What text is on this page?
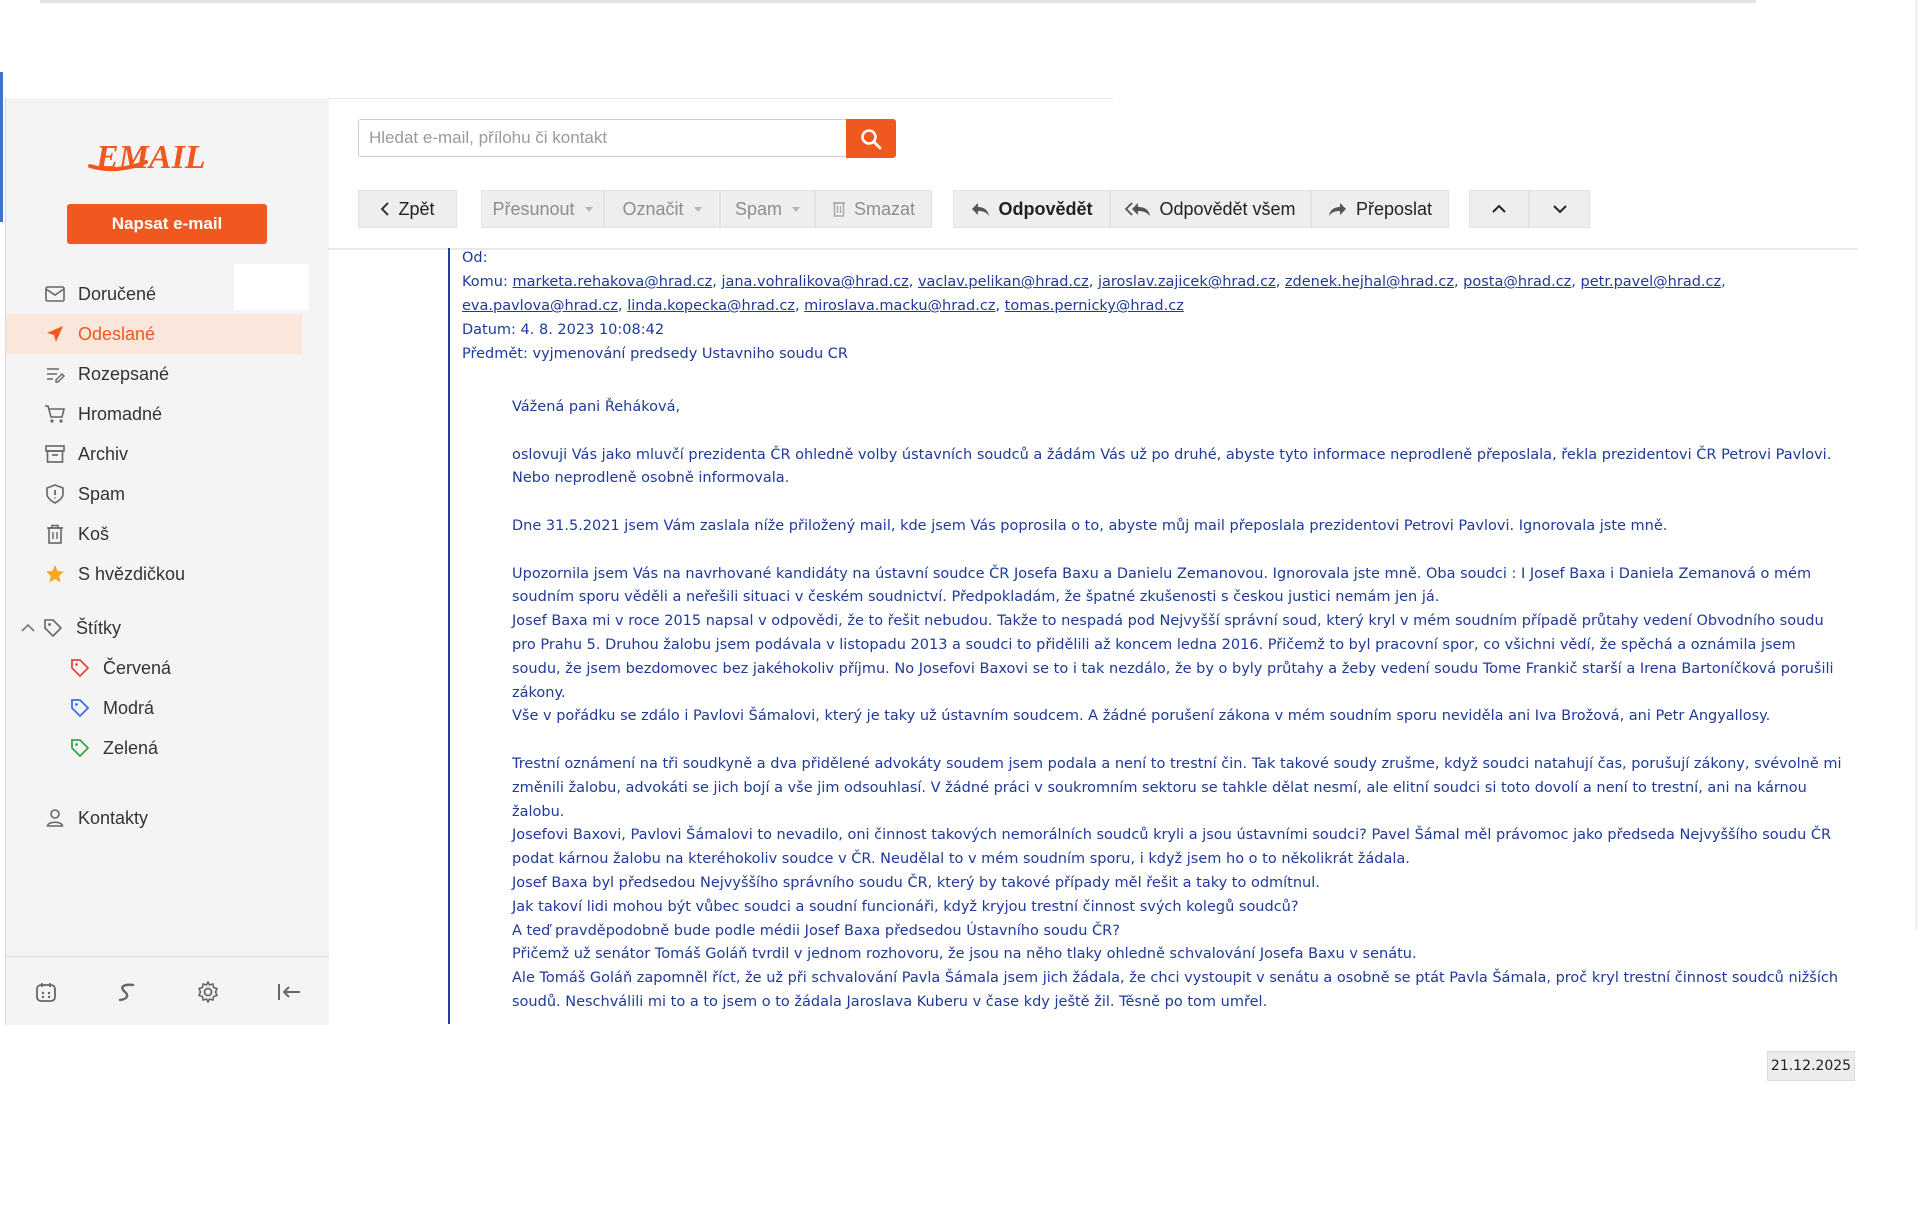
EMAIL
Napsat e-mail
Doručené
Odeslané
Rozepsané
Hromadné
Archiv
Spam
Koš
S hvězdičkou
Štítky
Červená
Modrá
Zelená
Kontakty
Hledat e-mail, přílohu či kontakt
Zpět	Přesunout	Označit	Spam	Smazat	Odpovědět	Odpovědět všem	Přeposlat
Od:
Komu: marketa.rehakova@hrad.cz, jana.vohralikova@hrad.cz, vaclav.pelikan@hrad.cz, jaroslav.zajicek@hrad.cz, zdenek.hejhal@hrad.cz, posta@hrad.cz, petr.pavel@hrad.cz,
eva.pavlova@hrad.cz, linda.kopecka@hrad.cz, miroslava.macku@hrad.cz, tomas.pernicky@hrad.cz
Datum: 4. 8. 2023 10:08:42
Předmět: vyjmenování predsedy Ustavniho soudu CR

Vážená pani Řeháková,

oslovuji Vás jako mluvčí prezidenta ČR ohledně volby ústavních soudců a žádám Vás už po druhé, abyste tyto informace neprodleně přeposlala, řekla prezidentovi ČR Petrovi Pavlovi. Nebo neprodleně osobně informovala.

Dne 31.5.2021 jsem Vám zaslala níže přiložený mail, kde jsem Vás poprosila o to, abyste můj mail přeposlala prezidentovi Petrovi Pavlovi. Ignorovala jste mně.

Upozornila jsem Vás na navrhované kandidáty na ústavní soudce ČR Josefa Baxu a Danielu Zemanovou. Ignorovala jste mně. Oba soudci : I Josef Baxa i Daniela Zemanová o mém soudním sporu věděli a neřešili situaci v českém soudnictví. Předpokladám, že špatné zkušenosti s českou justici nemám jen já.

Josef Baxa mi v roce 2015 napsal v odpovědi, že to řešit nebudou. Takže to nespadá pod Nejvyšší správní soud, který kryl v mém soudním případě průtahy vedení Obvodního soudu pro Prahu 5. Druhou žalobu jsem podávala v listopadu 2013 a soudci to přidělili až koncem ledna 2016. Přičemž to byl pracovní spor, co všichni vědí, že spěchá a oznámila jsem soudu, že jsem bezdomovec bez jakéhokoliv příjmu. No Josefovi Baxovi se to i tak nezdálo, že by o byly průtahy a žeby vedení soudu Tome Frankič starší a Irena Bartoníčková porušili zákony.

Vše v pořádku se zdálo i Pavlovi Šámalovi, který je taky už ústavním soudcem. A žádné porušení zákona v mém soudním sporu neviděla ani Iva Brožová, ani Petr Angyallosy.

Trestní oznámení na tři soudkyně a dva přidělené advokáty soudem jsem podala a není to trestní čin. Tak takové soudy zrušme, když soudci natahují čas, porušují zákony, svévolně mi změnili žalobu, advokáti se jich bojí a vše jim odsouhlasí. V žádné práci v soukromním sektoru se tahkle dělat nesmí, ale elitní soudci si toto dovolí a není to trestní, ani na kárnou žalobu.

Josefovi Baxovi, Pavlovi Šámalovi to nevadilo, oni činnost takových nemorálních soudců kryli a jsou ústavními soudci? Pavel Šámal měl právomoc jako předseda Nejvyššího soudu ČR podat kárnou žalobu na kteréhokoliv soudce v ČR. Neudělal to v mém soudním sporu, i když jsem ho o to několikrát žádala.

Josef Baxa byl předsedou Nejvyššího správního soudu ČR, který by takové případy měl řešit a taky to odmítnul.

Jak takoví lidi mohou být vůbec soudci a soudní funcionáři, když kryjou trestní činnost svých kolegů soudců?

A teď pravděpodobně bude podle médii Josef Baxa předsedou Ústavního soudu ČR?

Přičemž už senátor Tomáš Goláň tvrdil v jednom rozhovoru, že jsou na něho tlaky ohledně schvalování Josefa Baxu v senátu.

Ale Tomáš Goláň zapomněl říct, že už při schvalování Pavla Šámala jsem jich žádala, že chci vystoupit v senátu a osobně se ptát Pavla Šámala, proč kryl trestní činnost soudců nižších soudů. Neschválili mi to a to jsem o to žádala Jaroslava Kuberu v čase kdy ještě žil. Těsně po tom umřel.

21.12.2025
